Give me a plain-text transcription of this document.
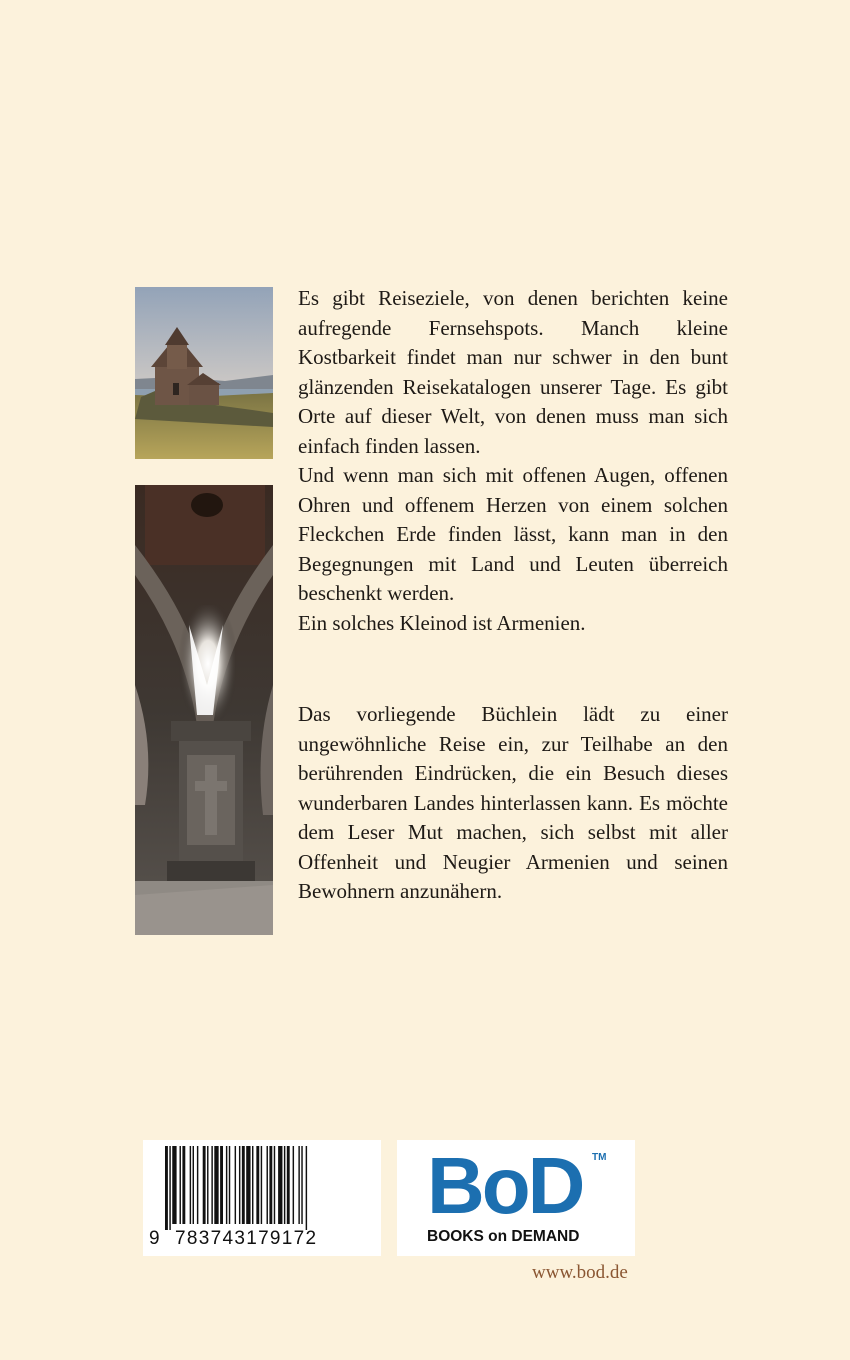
Es gibt Reiseziele, von denen berichten keine aufregende Fernsehspots. Manch kleine Kostbarkeit findet man nur schwer in den bunt glänzenden Reisekatalogen unserer Tage. Es gibt Orte auf dieser Welt, von denen muss man sich einfach finden lassen.

Und wenn man sich mit offenen Augen, offenen Ohren und offenem Herzen von einem solchen Fleckchen Erde finden lässt, kann man in den Begegnungen mit Land und Leuten überreich beschenkt werden.

Ein solches Kleinod ist Armenien.

Das vorliegende Büchlein lädt zu einer ungewöhnliche Reise ein, zur Teilhabe an den berührenden Eindrücken, die ein Besuch dieses wunderbaren Landes hinterlassen kann. Es möchte dem Leser Mut machen, sich selbst mit aller Offenheit und Neugier Armenien und seinen Bewohnern anzunähern.

9 783743179172
BoD TM
BOOKS on DEMAND
www.bod.de
